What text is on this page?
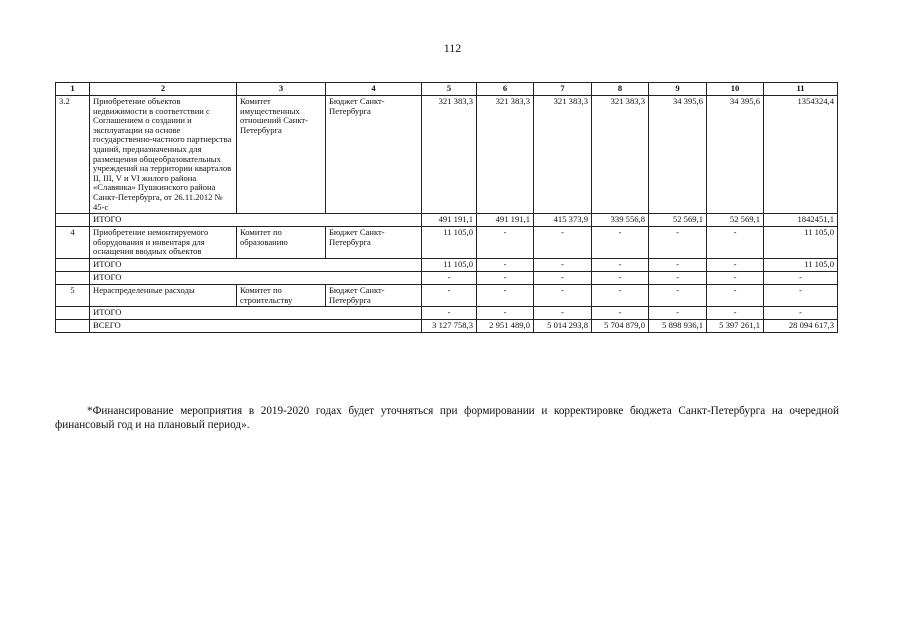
112
1	2	3	4	5	6	7	8	9	10	11
3.2	Приобретение объектов недвижимости в соответствии с Соглашением о создании и эксплуатации на основе государственно-частного партнерства зданий, предназначенных для размещения общеобразовательных учреждений на территории кварталов II, III, V и VI жилого района «Славянка» Пушкинского района Санкт-Петербурга, от 26.11.2012 № 45-с	Комитет имущественных отношений Санкт-Петербурга	Бюджет Санкт-Петербурга	321 383,3	321 383,3	321 383,3	321 383,3	34 395,6	34 395,6	1354324,4
	ИТОГО			491 191,1	491 191,1	415 373,9	339 556,8	52 569,1	52 569,1	1842451,1
4	Приобретение немонтируемого оборудования и инвентаря для оснащения вводных объектов	Комитет по образованию	Бюджет Санкт-Петербурга	11 105,0	-	-	-	-	-	11 105,0
	ИТОГО			11 105,0	-	-	-	-	-	11 105,0
	ИТОГО			-	-	-	-	-	-	-
5	Нераспределенные расходы	Комитет по строительству	Бюджет Санкт-Петербурга	-	-	-	-	-	-	-
	ИТОГО			-	-	-	-	-	-	-
	ВСЕГО			3 127 758,3	2 951 489,0	5 014 293,8	5 704 879,0	5 898 936,1	5 397 261,1	28 094 617,3
*Финансирование мероприятия в 2019-2020 годах будет уточняться при формировании и корректировке бюджета Санкт-Петербурга на очередной финансовый год и на плановый период».
